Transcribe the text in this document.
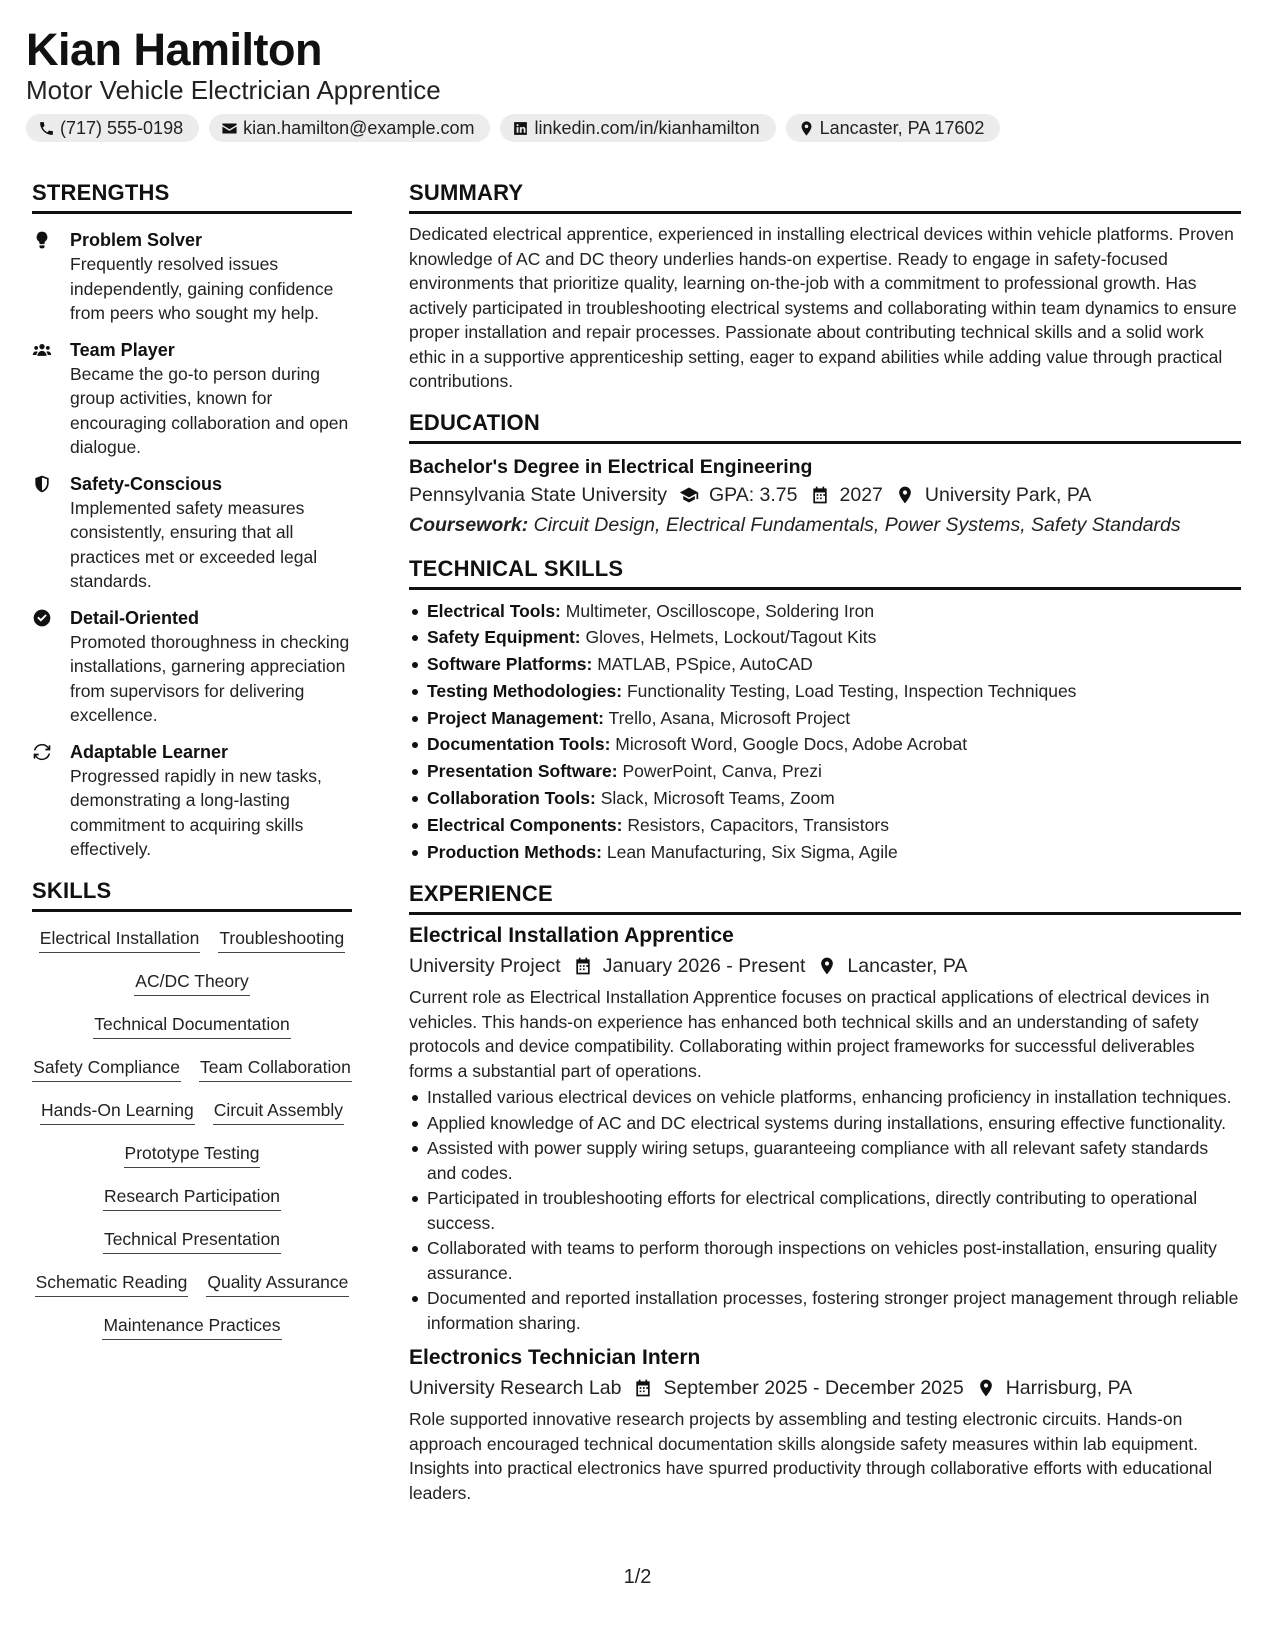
Kian Hamilton
Motor Vehicle Electrician Apprentice
(717) 555-0198	kian.hamilton@example.com	linkedin.com/in/kianhamilton	Lancaster, PA 17602
STRENGTHS
Problem Solver
Frequently resolved issues independently, gaining confidence from peers who sought my help.
Team Player
Became the go-to person during group activities, known for encouraging collaboration and open dialogue.
Safety-Conscious
Implemented safety measures consistently, ensuring that all practices met or exceeded legal standards.
Detail-Oriented
Promoted thoroughness in checking installations, garnering appreciation from supervisors for delivering excellence.
Adaptable Learner
Progressed rapidly in new tasks, demonstrating a long-lasting commitment to acquiring skills effectively.
SKILLS
Electrical Installation Troubleshooting
AC/DC Theory
Technical Documentation
Safety Compliance Team Collaboration
Hands-On Learning Circuit Assembly
Prototype Testing
Research Participation
Technical Presentation
Schematic Reading Quality Assurance
Maintenance Practices
SUMMARY
Dedicated electrical apprentice, experienced in installing electrical devices within vehicle platforms. Proven knowledge of AC and DC theory underlies hands-on expertise. Ready to engage in safety-focused environments that prioritize quality, learning on-the-job with a commitment to professional growth. Has actively participated in troubleshooting electrical systems and collaborating within team dynamics to ensure proper installation and repair processes. Passionate about contributing technical skills and a solid work ethic in a supportive apprenticeship setting, eager to expand abilities while adding value through practical contributions.
EDUCATION
Bachelor's Degree in Electrical Engineering
Pennsylvania State University GPA: 3.75 2027 University Park, PA
Coursework: Circuit Design, Electrical Fundamentals, Power Systems, Safety Standards
TECHNICAL SKILLS
Electrical Tools: Multimeter, Oscilloscope, Soldering Iron
Safety Equipment: Gloves, Helmets, Lockout/Tagout Kits
Software Platforms: MATLAB, PSpice, AutoCAD
Testing Methodologies: Functionality Testing, Load Testing, Inspection Techniques
Project Management: Trello, Asana, Microsoft Project
Documentation Tools: Microsoft Word, Google Docs, Adobe Acrobat
Presentation Software: PowerPoint, Canva, Prezi
Collaboration Tools: Slack, Microsoft Teams, Zoom
Electrical Components: Resistors, Capacitors, Transistors
Production Methods: Lean Manufacturing, Six Sigma, Agile
EXPERIENCE
Electrical Installation Apprentice
University Project January 2026 - Present Lancaster, PA
Current role as Electrical Installation Apprentice focuses on practical applications of electrical devices in vehicles. This hands-on experience has enhanced both technical skills and an understanding of safety protocols and device compatibility. Collaborating within project frameworks for successful deliverables forms a substantial part of operations.
Installed various electrical devices on vehicle platforms, enhancing proficiency in installation techniques.
Applied knowledge of AC and DC electrical systems during installations, ensuring effective functionality.
Assisted with power supply wiring setups, guaranteeing compliance with all relevant safety standards and codes.
Participated in troubleshooting efforts for electrical complications, directly contributing to operational success.
Collaborated with teams to perform thorough inspections on vehicles post-installation, ensuring quality assurance.
Documented and reported installation processes, fostering stronger project management through reliable information sharing.
Electronics Technician Intern
University Research Lab September 2025 - December 2025 Harrisburg, PA
Role supported innovative research projects by assembling and testing electronic circuits. Hands-on approach encouraged technical documentation skills alongside safety measures within lab equipment. Insights into practical electronics have spurred productivity through collaborative efforts with educational leaders.
1/2
